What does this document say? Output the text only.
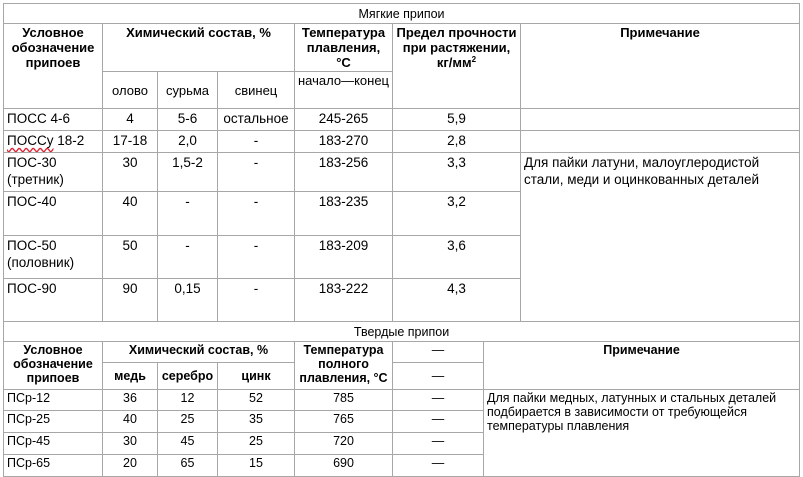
Мягкие припои						
Условное обозначение припоев	Химический состав, %			Температура плавления, °С	Предел прочности при растяжении, $кг/мм^2$	Примечание
	олово	сурьма	свинец	начало—конец		
ПОСС 4-6	4	5-6	остальное	245-265	5,9	
ПОССу 18-2	17-18	2,0	-	183-270	2,8	
ПОС-30 (третник)	30	1,5-2	-	183-256	3,3	Для пайки латуни, малоуглеродистой стали, меди и оцинкованных деталей
ПОС-40	40	-	-	183-235	3,2	
ПОС-50 (половник)	50	-	-	183-209	3,6	
ПОС-90	90	0,15	-	183-222	4,3	
Твердые припои						
Условное обозначение припоев	Химический состав, %			Температура полного плавления, °С	—	Примечание
	медь	серебро	цинк		—	
ПСр-12	36	12	52	785	—	Для пайки медных, латунных и стальных деталей подбирается в зависимости от требующейся температуры плавления
ПСр-25	40	25	35	765	—	
ПСр-45	30	45	25	720	—	
ПСр-65	20	65	15	690	—	
